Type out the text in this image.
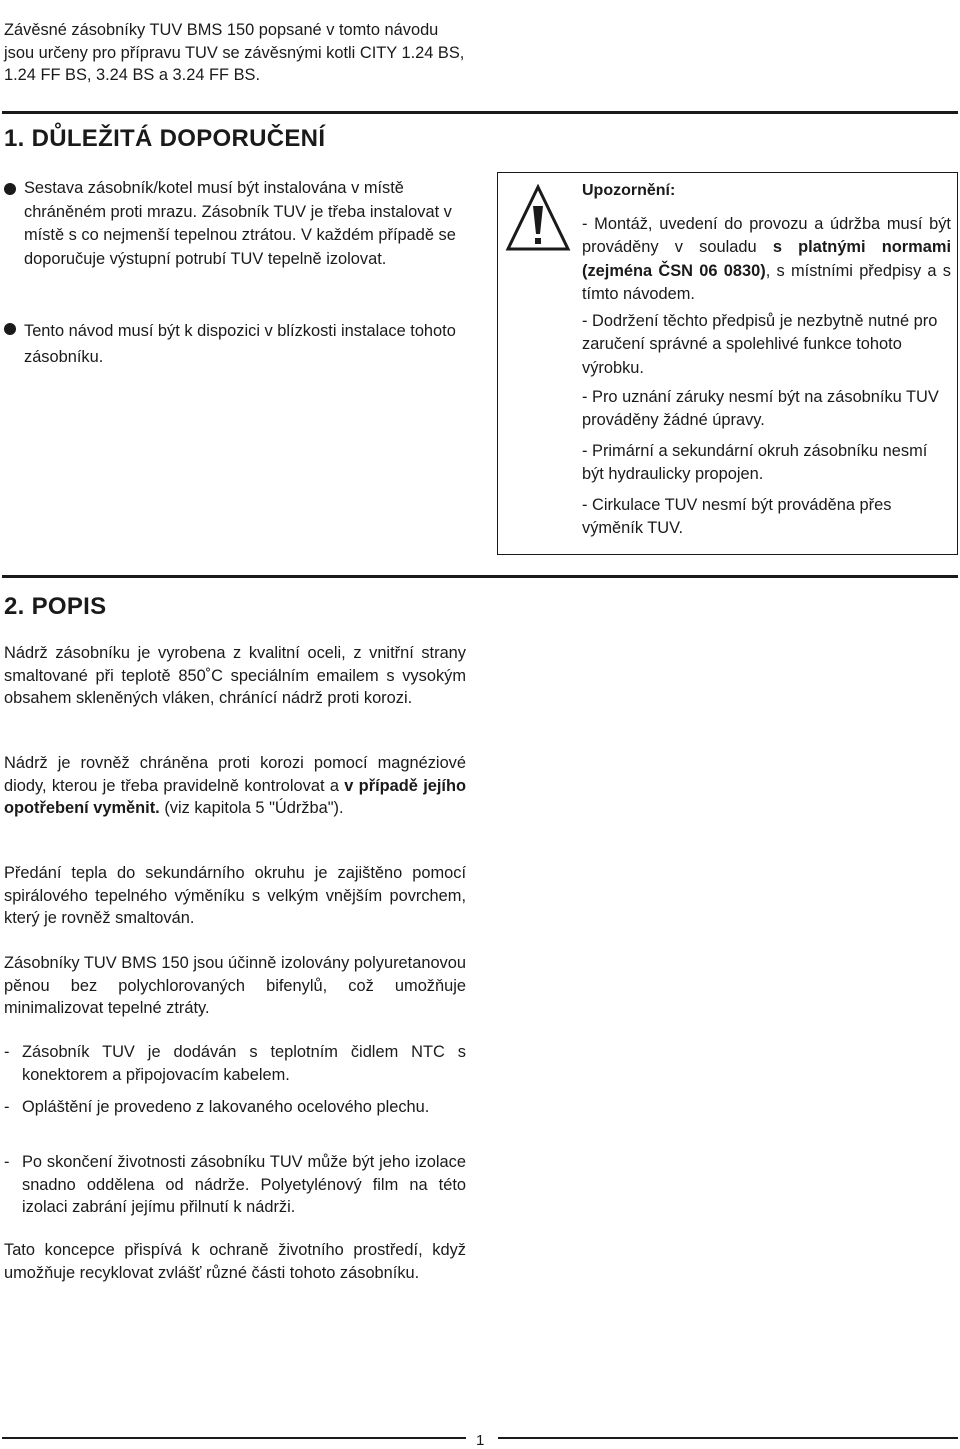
Závěsné zásobníky TUV BMS 150 popsané v tomto návodu jsou určeny pro přípravu TUV se závěsnými kotli CITY 1.24 BS, 1.24 FF BS, 3.24 BS a 3.24 FF BS.

1. DŮLEŽITÁ DOPORUČENÍ

Sestava zásobník/kotel musí být instalována v místě chráněném proti mrazu. Zásobník TUV je třeba instalovat v místě s co nejmenší tepelnou ztrátou. V každém případě se doporučuje výstupní potrubí TUV tepelně izolovat.

Tento návod musí být k dispozici v blízkosti instalace tohoto zásobníku.

Upozornění:

- Montáž, uvedení do provozu a údržba musí být prováděny v souladu s platnými normami (zejména ČSN 06 0830), s místními předpisy a s tímto návodem.

- Dodržení těchto předpisů je nezbytně nutné pro zaručení správné a spolehlivé funkce tohoto výrobku.

- Pro uznání záruky nesmí být na zásobníku TUV prováděny žádné úpravy.

- Primární a sekundární okruh zásobníku nesmí být hydraulicky propojen.

- Cirkulace TUV nesmí být prováděna přes výměník TUV.

2. POPIS

Nádrž zásobníku je vyrobena z kvalitní oceli, z vnitřní strany smaltované při teplotě 850˚C speciálním emailem s vysokým obsahem skleněných vláken, chránící nádrž proti korozi.

Nádrž je rovněž chráněna proti korozi pomocí magnéziové diody, kterou je třeba pravidelně kontrolovat a v případě jejího opotřebení vyměnit. (viz kapitola 5 "Údržba").

Předání tepla do sekundárního okruhu je zajištěno pomocí spirálového tepelného výměníku s velkým vnějším povrchem, který je rovněž smaltován.

Zásobníky TUV BMS 150 jsou účinně izolovány polyuretanovou pěnou bez polychlorovaných bifenylů, což umožňuje minimalizovat tepelné ztráty.

- Zásobník TUV je dodáván s teplotním čidlem NTC s konektorem a připojovacím kabelem.

- Opláštění je provedeno z lakovaného ocelového plechu.

- Po skončení životnosti zásobníku TUV může být jeho izolace snadno oddělena od nádrže. Polyetylénový film na této izolaci zabrání jejímu přilnutí k nádrži.

Tato koncepce přispívá k ochraně životního prostředí, když umožňuje recyklovat zvlášť různé části tohoto zásobníku.

1
